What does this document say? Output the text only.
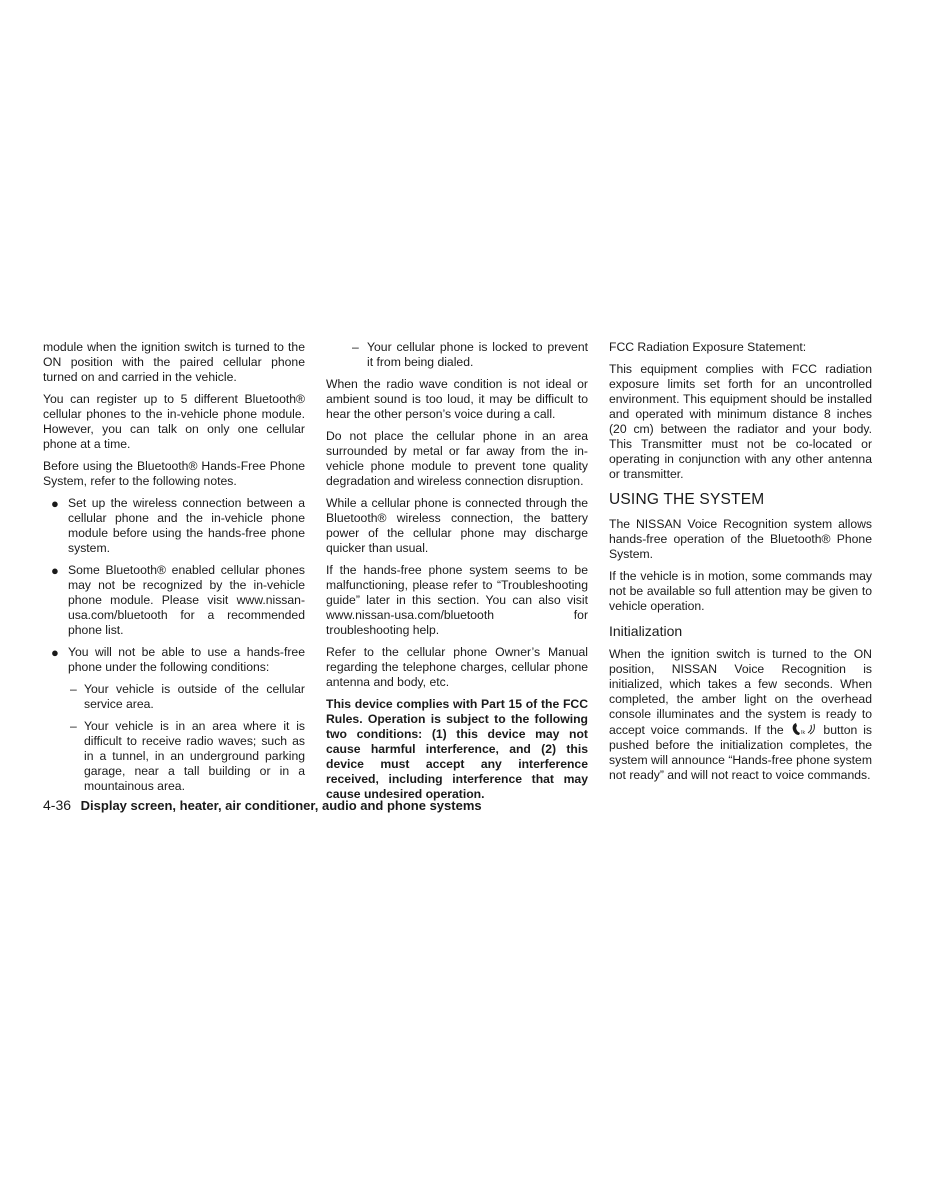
module when the ignition switch is turned to the ON position with the paired cellular phone turned on and carried in the vehicle.

You can register up to 5 different Bluetooth® cellular phones to the in-vehicle phone module. However, you can talk on only one cellular phone at a time.

Before using the Bluetooth® Hands-Free Phone System, refer to the following notes.

● Set up the wireless connection between a cellular phone and the in-vehicle phone module before using the hands-free phone system.
● Some Bluetooth® enabled cellular phones may not be recognized by the in-vehicle phone module. Please visit www.nissan-usa.com/bluetooth for a recommended phone list.
● You will not be able to use a hands-free phone under the following conditions:
– Your vehicle is outside of the cellular service area.
– Your vehicle is in an area where it is difficult to receive radio waves; such as in a tunnel, in an underground parking garage, near a tall building or in a mountainous area.
– Your cellular phone is locked to prevent it from being dialed.

When the radio wave condition is not ideal or ambient sound is too loud, it may be difficult to hear the other person’s voice during a call.

Do not place the cellular phone in an area surrounded by metal or far away from the in-vehicle phone module to prevent tone quality degradation and wireless connection disruption.

While a cellular phone is connected through the Bluetooth® wireless connection, the battery power of the cellular phone may discharge quicker than usual.

If the hands-free phone system seems to be malfunctioning, please refer to “Troubleshooting guide” later in this section. You can also visit www.nissan-usa.com/bluetooth for troubleshooting help.

Refer to the cellular phone Owner’s Manual regarding the telephone charges, cellular phone antenna and body, etc.

This device complies with Part 15 of the FCC Rules. Operation is subject to the following two conditions: (1) this device may not cause harmful interference, and (2) this device must accept any interference received, including interference that may cause undesired operation.

FCC Radiation Exposure Statement:

This equipment complies with FCC radiation exposure limits set forth for an uncontrolled environment. This equipment should be installed and operated with minimum distance 8 inches (20 cm) between the radiator and your body. This Transmitter must not be co-located or operating in conjunction with any other antenna or transmitter.

USING THE SYSTEM

The NISSAN Voice Recognition system allows hands-free operation of the Bluetooth® Phone System.

If the vehicle is in motion, some commands may not be available so full attention may be given to vehicle operation.

Initialization

When the ignition switch is turned to the ON position, NISSAN Voice Recognition is initialized, which takes a few seconds. When completed, the amber light on the overhead console illuminates and the system is ready to accept voice commands. If the	lk button is pushed before the initialization completes, the system will announce “Hands-free phone system not ready” and will not react to voice commands.

4-36 Display screen, heater, air conditioner, audio and phone systems
